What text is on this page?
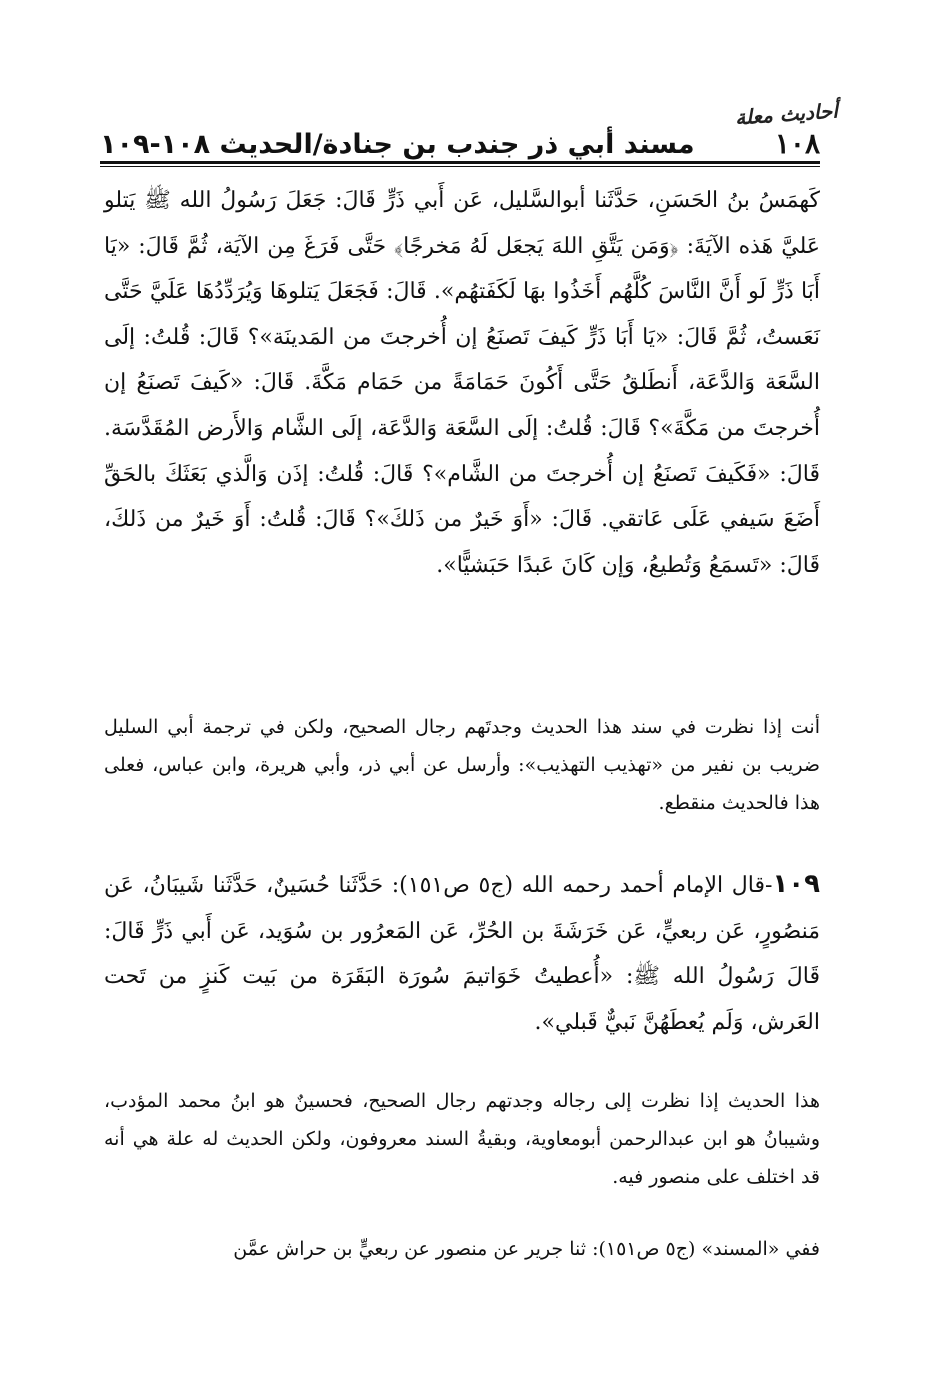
أحاديث معلة
١٠٨
مسند أبي ذر جندب بن جنادة/الحديث ١٠٨-١٠٩
كَهمَسُ بنُ الحَسَنِ، حَدَّثَنا أبوالسَّليل، عَن أَبي ذَرٍّ قَالَ: جَعَلَ رَسُولُ الله ﷺ يَتلو عَليَّ هَذه الآيَةَ: ﴿وَمَن يَتَّقِ اللهَ يَجعَل لَهُ مَخرجًا﴾ حَتَّى فَرَغَ مِن الآيَة، ثُمَّ قَالَ: «يَا أَبَا ذَرٍّ لَو أَنَّ النَّاسَ كُلَّهُم أَخَذُوا بهَا لَكَفَتهُم». قَالَ: فَجَعَلَ يَتلوهَا وَيُرَدِّدُهَا عَلَيَّ حَتَّى نَعَستُ، ثُمَّ قَالَ: «يَا أَبَا ذَرٍّ كَيفَ تَصنَعُ إن أُخرجتَ من المَدينَة»؟ قَالَ: قُلتُ: إلَى السَّعَة وَالدَّعَة، أَنطَلقُ حَتَّى أَكُونَ حَمَامَةً من حَمَام مَكَّةَ. قَالَ: «كَيفَ تَصنَعُ إن أُخرجتَ من مَكَّةَ»؟ قَالَ: قُلتُ: إلَى السَّعَة وَالدَّعَة، إلَى الشَّام وَالأَرض المُقَدَّسَة. قَالَ: «فَكَيفَ تَصنَعُ إن أُخرجتَ من الشَّام»؟ قَالَ: قُلتُ: إذَن وَالَّذي بَعَثَكَ بالحَقِّ أَضَعَ سَيفي عَلَى عَاتقي. قَالَ: «أَوَ خَيرٌ من ذَلكَ»؟ قَالَ: قُلتُ: أَوَ خَيرٌ من ذَلكَ، قَالَ: «تَسمَعُ وَتُطيعُ، وَإن كَانَ عَبدًا حَبَشيًّا».
أنت إذا نظرت في سند هذا الحديث وجدتَهم رجال الصحيح، ولكن في ترجمة أبي السليل ضريب بن نفير من «تهذيب التهذيب»: وأرسل عن أبي ذر، وأبي هريرة، وابن عباس، فعلى هذا فالحديث منقطع.
١٠٩-قال الإمام أحمد رحمه الله (ج٥ ص١٥١): حَدَّثَنا حُسَينٌ، حَدَّثَنا شَيبَانُ، عَن مَنصُورٍ، عَن ربعيٍّ، عَن خَرَشَةَ بن الحُرِّ، عَن المَعرُور بن سُوَيد، عَن أَبي ذَرٍّ قَالَ: قَالَ رَسُولُ الله ﷺ: «أُعطيتُ خَوَاتيمَ سُورَة البَقَرَة من بَيت كَنزٍ من تَحت العَرش، وَلَم يُعطَهُنَّ نَبيٌّ قَبلي».
هذا الحديث إذا نظرت إلى رجاله وجدتهم رجال الصحيح، فحسينٌ هو ابنُ محمد المؤدب، وشيبانُ هو ابن عبدالرحمن أبومعاوية، وبقيةُ السند معروفون، ولكن الحديث له علة هي أنه قد اختلف على منصور فيه.
ففي «المسند» (ج٥ ص١٥١): ثنا جرير عن منصور عن ربعيٍّ بن حراش عمَّن
